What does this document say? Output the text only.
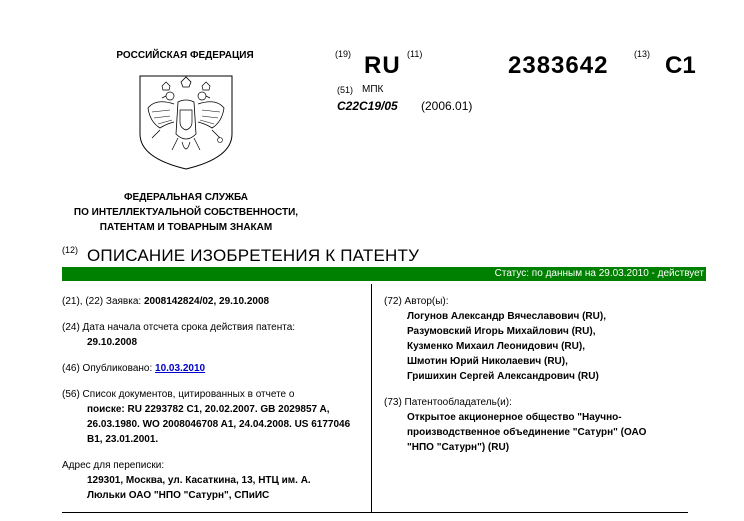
РОССИЙСКАЯ ФЕДЕРАЦИЯ
ФЕДЕРАЛЬНАЯ СЛУЖБА
ПО ИНТЕЛЛЕКТУАЛЬНОЙ СОБСТВЕННОСТИ,
ПАТЕНТАМ И ТОВАРНЫМ ЗНАКАМ
(19) RU (11)	2383642	(13) C1
(51) МПК
C22C19/05 (2006.01)
(12) ОПИСАНИЕ ИЗОБРЕТЕНИЯ К ПАТЕНТУ
Статус: по данным на 29.03.2010 - действует
(21), (22) Заявка: 2008142824/02, 29.10.2008
(24) Дата начала отсчета срока действия патента:
29.10.2008
(46) Опубликовано: 10.03.2010
(56) Список документов, цитированных в отчете о
поиске: RU 2293782 C1, 20.02.2007. GB 2029857 A,
26.03.1980. WO 2008046708 A1, 24.04.2008. US 6177046
B1, 23.01.2001.
Адрес для переписки:
129301, Москва, ул. Касаткина, 13, НТЦ им. А.
Люльки ОАО "НПО "Сатурн", СПиИС
(72) Автор(ы):
Логунов Александр Вячеславович (RU),
Разумовский Игорь Михайлович (RU),
Кузменко Михаил Леонидович (RU),
Шмотин Юрий Николаевич (RU),
Гришихин Сергей Александрович (RU)
(73) Патентообладатель(и):
Открытое акционерное общество "Научно-
производственное объединение "Сатурн" (ОАО
"НПО "Сатурн") (RU)
